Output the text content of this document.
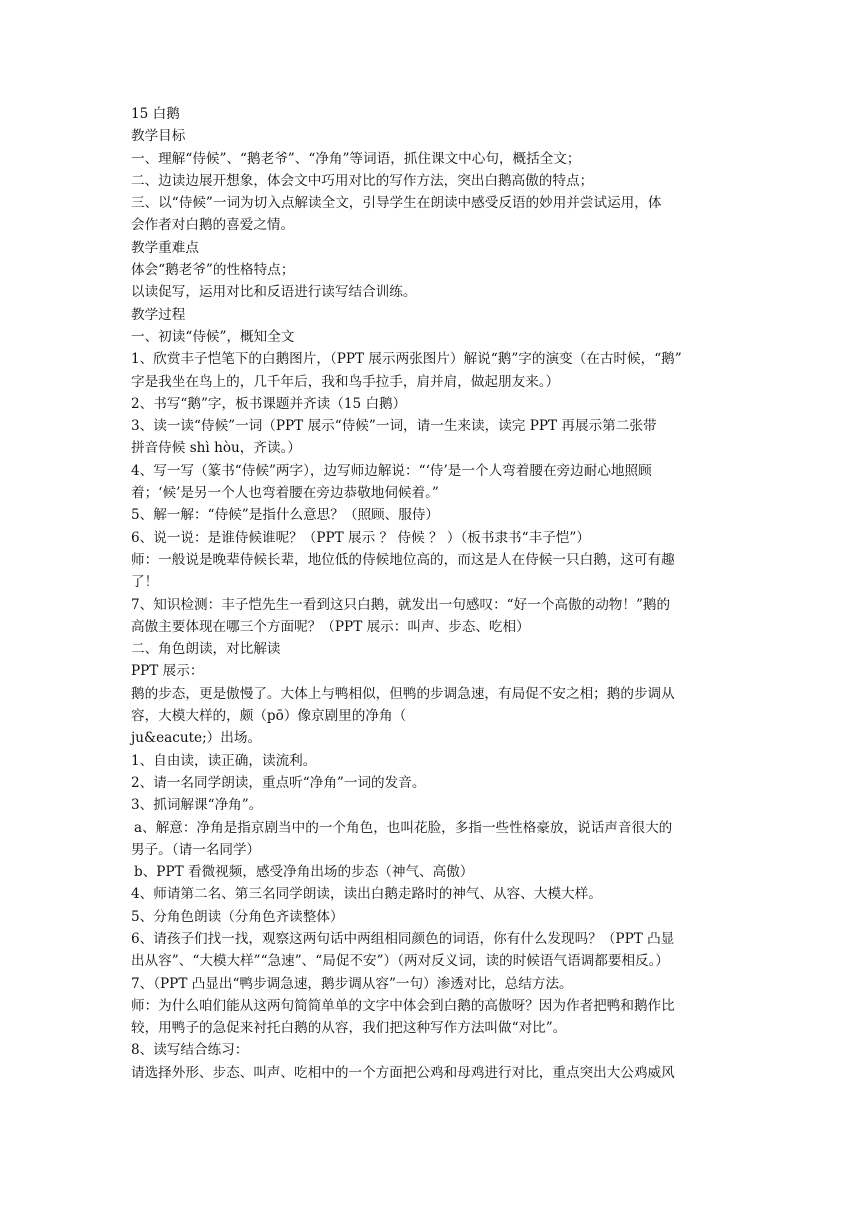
15 白鹅
教学目标
一、理解“侍候”、“鹅老爷”、“净角”等词语，抓住课文中心句，概括全文；
二、边读边展开想象，体会文中巧用对比的写作方法，突出白鹅高傲的特点；
三、以“侍候”一词为切入点解读全文，引导学生在朗读中感受反语的妙用并尝试运用，体
会作者对白鹅的喜爱之情。
教学重难点
体会“鹅老爷”的性格特点；
以读促写，运用对比和反语进行读写结合训练。
教学过程
一、初读“侍候”，概知全文
1、欣赏丰子恺笔下的白鹅图片，（PPT 展示两张图片）解说“鹅”字的演变（在古时候，“鹅”
字是我坐在鸟上的，几千年后，我和鸟手拉手，肩并肩，做起朋友来。）
2、书写“鹅”字，板书课题并齐读（15 白鹅）
3、读一读“侍候”一词（PPT 展示“侍候”一词，请一生来读，读完 PPT 再展示第二张带
拼音侍候 shì hòu，齐读。）
4、写一写（篆书“侍候”两字），边写师边解说：“‘侍’是一个人弯着腰在旁边耐心地照顾
着；‘候’是另一个人也弯着腰在旁边恭敬地伺候着。”
5、解一解：“侍候”是指什么意思？（照顾、服侍）
6、说一说：是谁侍候谁呢？（PPT 展示 ？ 侍候 ？ ）（板书隶书“丰子恺”）
师：一般说是晚辈侍候长辈，地位低的侍候地位高的，而这是人在侍候一只白鹅，这可有趣
了！
7、知识检测：丰子恺先生一看到这只白鹅，就发出一句感叹：“好一个高傲的动物！”鹅的
高傲主要体现在哪三个方面呢？（PPT 展示：叫声、步态、吃相）
二、角色朗读，对比解读
PPT 展示：
鹅的步态，更是傲慢了。大体上与鸭相似，但鸭的步调急速，有局促不安之相；鹅的步调从
容，大模大样的，颇（pō）像京剧里的净角（
ju&eacute;）出场。
1、自由读，读正确，读流利。
2、请一名同学朗读，重点听“净角”一词的发音。
3、抓词解课“净角”。
a、解意：净角是指京剧当中的一个角色，也叫花脸，多指一些性格豪放，说话声音很大的
男子。（请一名同学）
b、PPT 看微视频，感受净角出场的步态（神气、高傲）
4、师请第二名、第三名同学朗读，读出白鹅走路时的神气、从容、大模大样。
5、分角色朗读（分角色齐读整体）
6、请孩子们找一找，观察这两句话中两组相同颜色的词语，你有什么发现吗？（PPT 凸显
出从容”、“大模大样”“急速”、“局促不安”）（两对反义词，读的时候语气语调都要相反。）
7、（PPT 凸显出“鸭步调急速，鹅步调从容”一句）渗透对比，总结方法。
师：为什么咱们能从这两句简简单单的文字中体会到白鹅的高傲呀？因为作者把鸭和鹅作比
较，用鸭子的急促来衬托白鹅的从容，我们把这种写作方法叫做“对比”。
8、读写结合练习：
请选择外形、步态、叫声、吃相中的一个方面把公鸡和母鸡进行对比，重点突出大公鸡威风
